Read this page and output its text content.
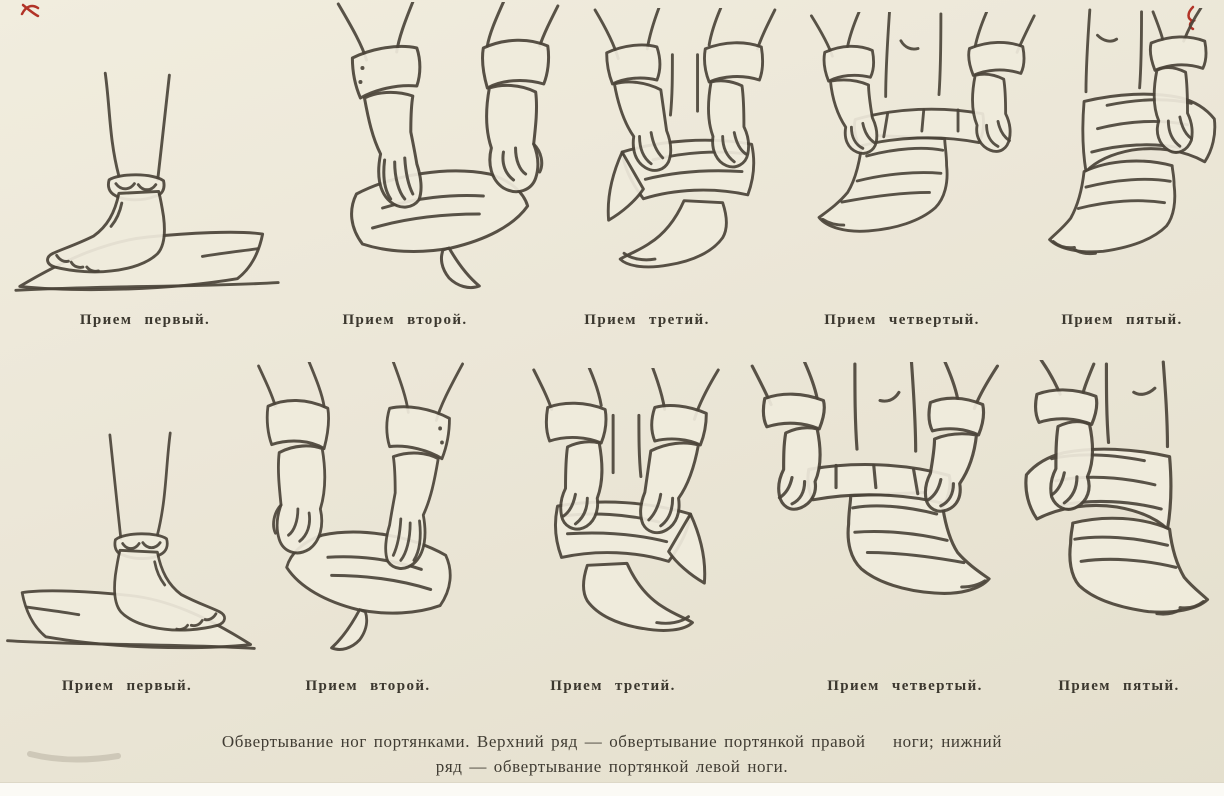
Прием первый.	Прием второй.	Прием третий.	Прием четвертый.	Прием пятый.
Прием первый.	Прием второй.	Прием третий.	Прием четвертый.	Прием пятый.
Обвертывание ног портянками. Верхний ряд — обвертывание портянкой правой    ноги; нижний
ряд — обвертывание портянкой левой ноги.
